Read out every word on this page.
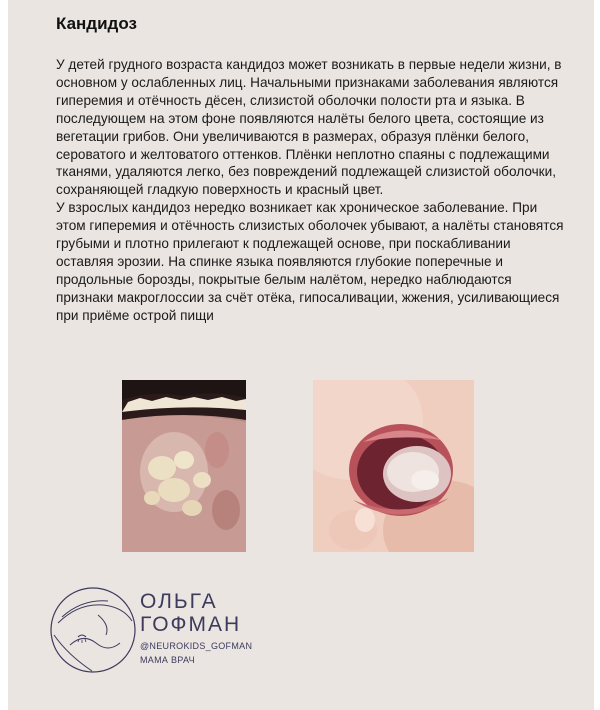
Кандидоз

У детей грудного возраста кандидоз может возникать в первые недели жизни, в основном у ослабленных лиц. Начальными признаками заболевания являются гиперемия и отёчность дёсен, слизистой оболочки полости рта и языка. В последующем на этом фоне появляются налёты белого цвета, состоящие из вегетации грибов. Они увеличиваются в размерах, образуя плёнки белого, сероватого и желтоватого оттенков. Плёнки неплотно спаяны с подлежащими тканями, удаляются легко, без повреждений подлежащей слизистой оболочки, сохраняющей гладкую поверхность и красный цвет.

У взрослых кандидоз нередко возникает как хроническое заболевание. При этом гиперемия и отёчность слизистых оболочек убывают, а налёты становятся грубыми и плотно прилегают к подлежащей основе, при поскабливании оставляя эрозии. На спинке языка появляются глубокие поперечные и продольные борозды, покрытые белым налётом, нередко наблюдаются признаки макроглоссии за счёт отёка, гипосаливации, жжения, усиливающиеся при приёме острой пищи

ОЛЬГА
ГОФМАН
@NEUROKIDS_GOFMAN
МАМА ВРАЧ
